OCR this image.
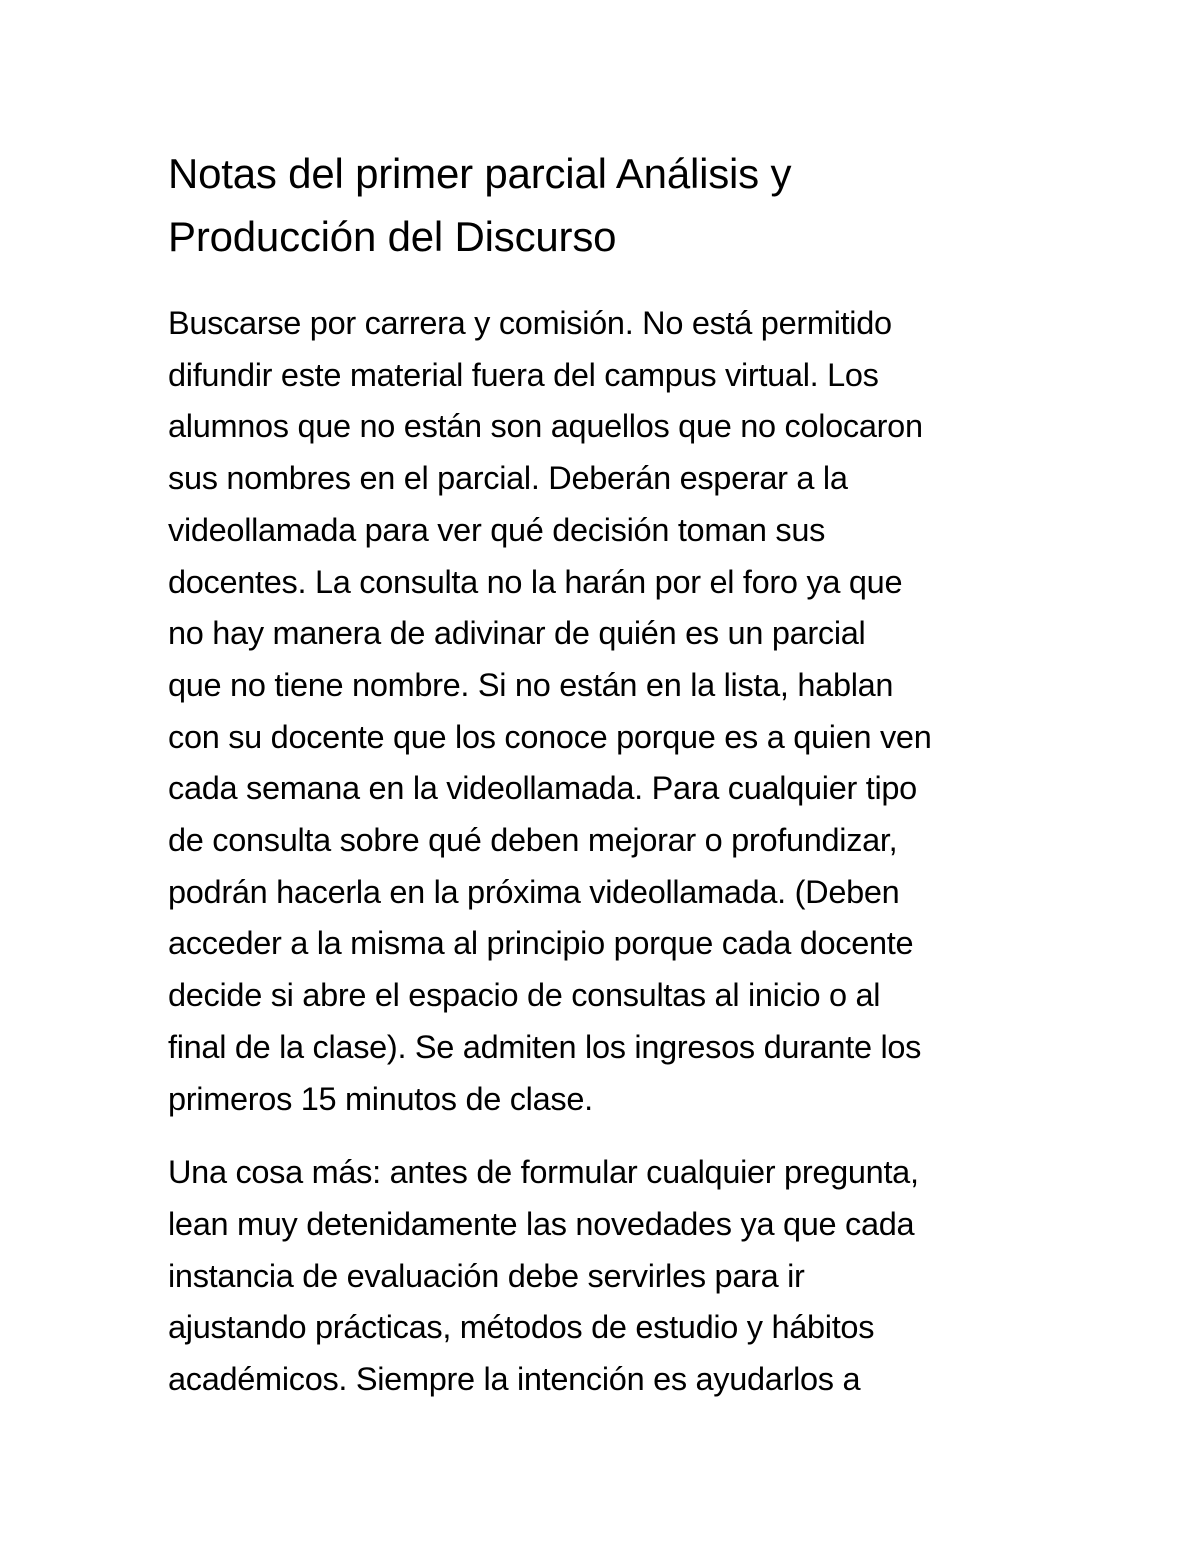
Notas del primer parcial Análisis y
Producción del Discurso

Buscarse por carrera y comisión. No está permitido
difundir este material fuera del campus virtual. Los
alumnos que no están son aquellos que no colocaron
sus nombres en el parcial. Deberán esperar a la
videollamada para ver qué decisión toman sus
docentes. La consulta no la harán por el foro ya que
no hay manera de adivinar de quién es un parcial
que no tiene nombre. Si no están en la lista, hablan
con su docente que los conoce porque es a quien ven
cada semana en la videollamada. Para cualquier tipo
de consulta sobre qué deben mejorar o profundizar,
podrán hacerla en la próxima videollamada. (Deben
acceder a la misma al principio porque cada docente
decide si abre el espacio de consultas al inicio o al
final de la clase). Se admiten los ingresos durante los
primeros 15 minutos de clase.

Una cosa más: antes de formular cualquier pregunta,
lean muy detenidamente las novedades ya que cada
instancia de evaluación debe servirles para ir
ajustando prácticas, métodos de estudio y hábitos
académicos. Siempre la intención es ayudarlos a
